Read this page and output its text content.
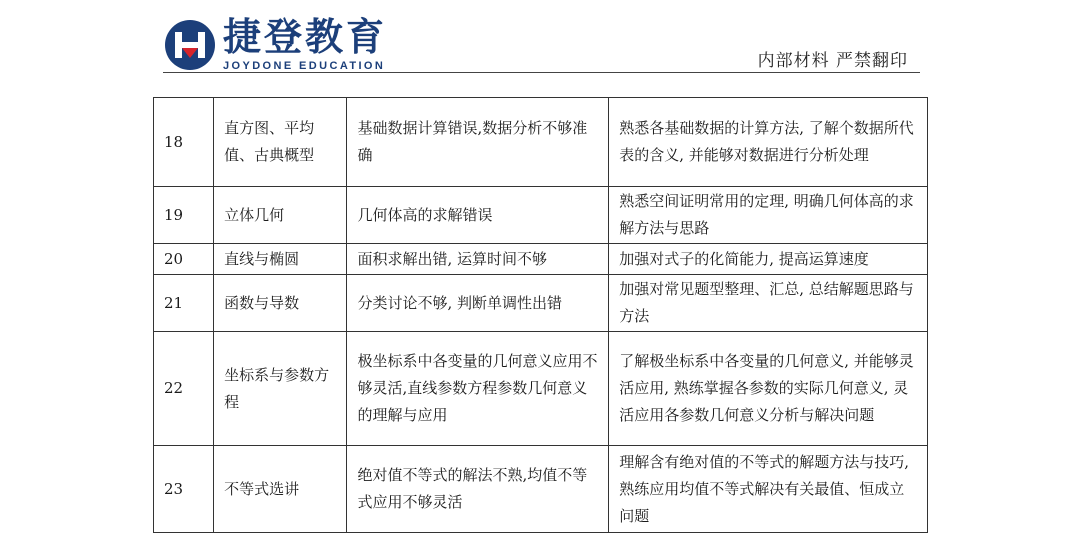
捷登教育
JOYDONE EDUCATION	内部材料 严禁翻印
18	直方图、平均值、古典概型	基础数据计算错误,数据分析不够准确	熟悉各基础数据的计算方法, 了解个数据所代表的含义, 并能够对数据进行分析处理
19	立体几何	几何体高的求解错误	熟悉空间证明常用的定理, 明确几何体高的求解方法与思路
20	直线与椭圆	面积求解出错, 运算时间不够	加强对式子的化简能力, 提高运算速度
21	函数与导数	分类讨论不够, 判断单调性出错	加强对常见题型整理、汇总, 总结解题思路与方法
22	坐标系与参数方程	极坐标系中各变量的几何意义应用不够灵活,直线参数方程参数几何意义的理解与应用	了解极坐标系中各变量的几何意义, 并能够灵活应用, 熟练掌握各参数的实际几何意义, 灵活应用各参数几何意义分析与解决问题
23	不等式选讲	绝对值不等式的解法不熟,均值不等式应用不够灵活	理解含有绝对值的不等式的解题方法与技巧, 熟练应用均值不等式解决有关最值、恒成立问题
